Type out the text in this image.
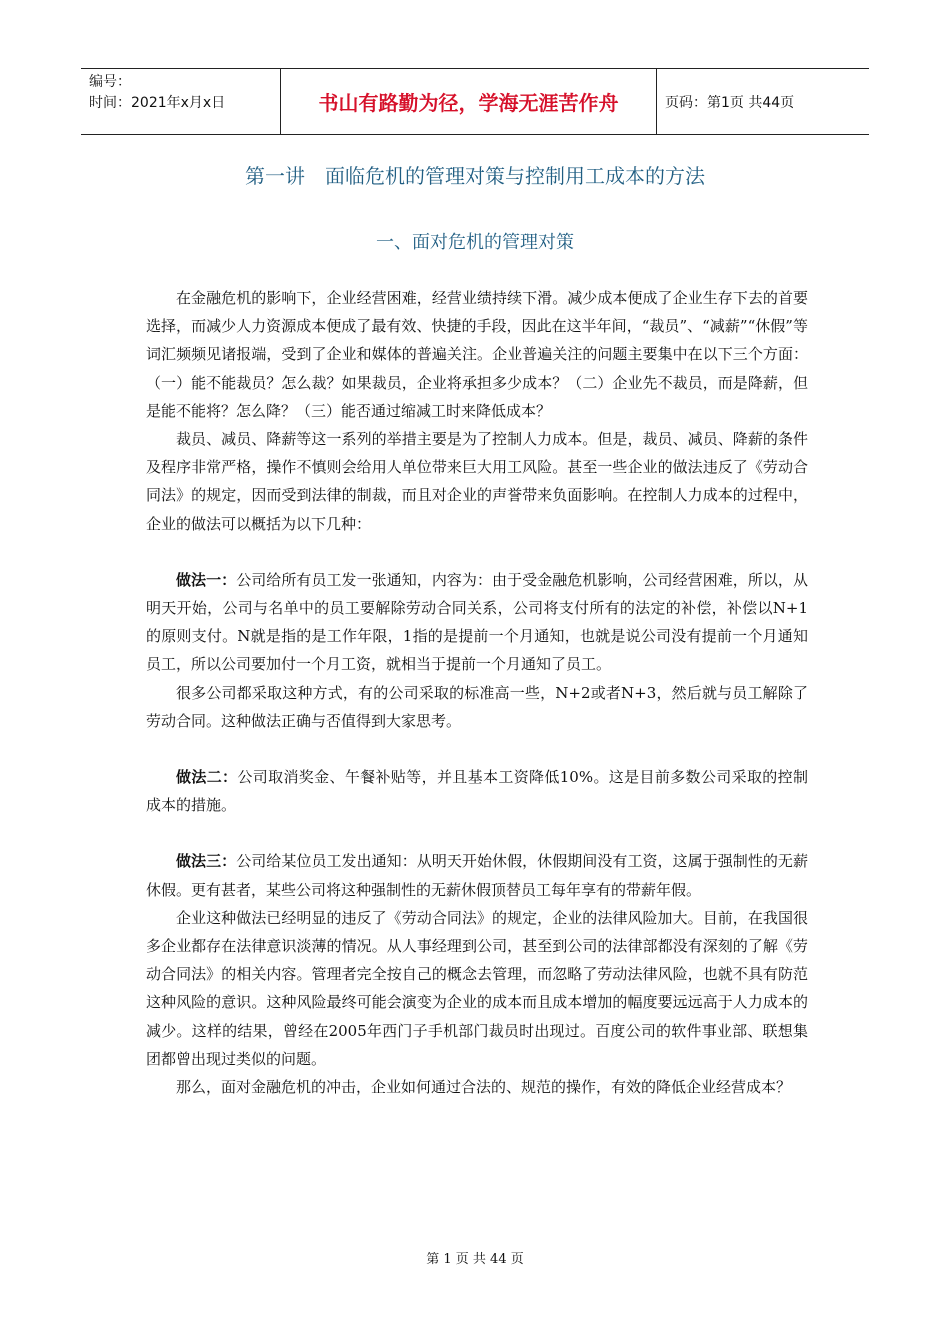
编号：
时间：2021年x月x日	书山有路勤为径，学海无涯苦作舟	页码：第1页 共44页
第一讲　面临危机的管理对策与控制用工成本的方法
一、面对危机的管理对策

在金融危机的影响下，企业经营困难，经营业绩持续下滑。减少成本便成了企业生存下去的首要选择，而减少人力资源成本便成了最有效、快捷的手段，因此在这半年间，“裁员”、“减薪”“休假”等词汇频频见诸报端，受到了企业和媒体的普遍关注。企业普遍关注的问题主要集中在以下三个方面：（一）能不能裁员？怎么裁？如果裁员，企业将承担多少成本？（二）企业先不裁员，而是降薪，但是能不能将？怎么降？（三）能否通过缩减工时来降低成本？

裁员、减员、降薪等这一系列的举措主要是为了控制人力成本。但是，裁员、减员、降薪的条件及程序非常严格，操作不慎则会给用人单位带来巨大用工风险。甚至一些企业的做法违反了《劳动合同法》的规定，因而受到法律的制裁，而且对企业的声誉带来负面影响。在控制人力成本的过程中，企业的做法可以概括为以下几种：

做法一：公司给所有员工发一张通知，内容为：由于受金融危机影响，公司经营困难，所以，从明天开始，公司与名单中的员工要解除劳动合同关系，公司将支付所有的法定的补偿，补偿以N+1的原则支付。N就是指的是工作年限，1指的是提前一个月通知，也就是说公司没有提前一个月通知员工，所以公司要加付一个月工资，就相当于提前一个月通知了员工。

很多公司都采取这种方式，有的公司采取的标准高一些，N+2或者N+3，然后就与员工解除了劳动合同。这种做法正确与否值得到大家思考。

做法二：公司取消奖金、午餐补贴等，并且基本工资降低10%。这是目前多数公司采取的控制成本的措施。

做法三：公司给某位员工发出通知：从明天开始休假，休假期间没有工资，这属于强制性的无薪休假。更有甚者，某些公司将这种强制性的无薪休假顶替员工每年享有的带薪年假。

企业这种做法已经明显的违反了《劳动合同法》的规定，企业的法律风险加大。目前，在我国很多企业都存在法律意识淡薄的情况。从人事经理到公司，甚至到公司的法律部都没有深刻的了解《劳动合同法》的相关内容。管理者完全按自己的概念去管理，而忽略了劳动法律风险，也就不具有防范这种风险的意识。这种风险最终可能会演变为企业的成本而且成本增加的幅度要远远高于人力成本的减少。这样的结果，曾经在2005年西门子手机部门裁员时出现过。百度公司的软件事业部、联想集团都曾出现过类似的问题。

那么，面对金融危机的冲击，企业如何通过合法的、规范的操作，有效的降低企业经营成本？

第 1 页 共 44 页
